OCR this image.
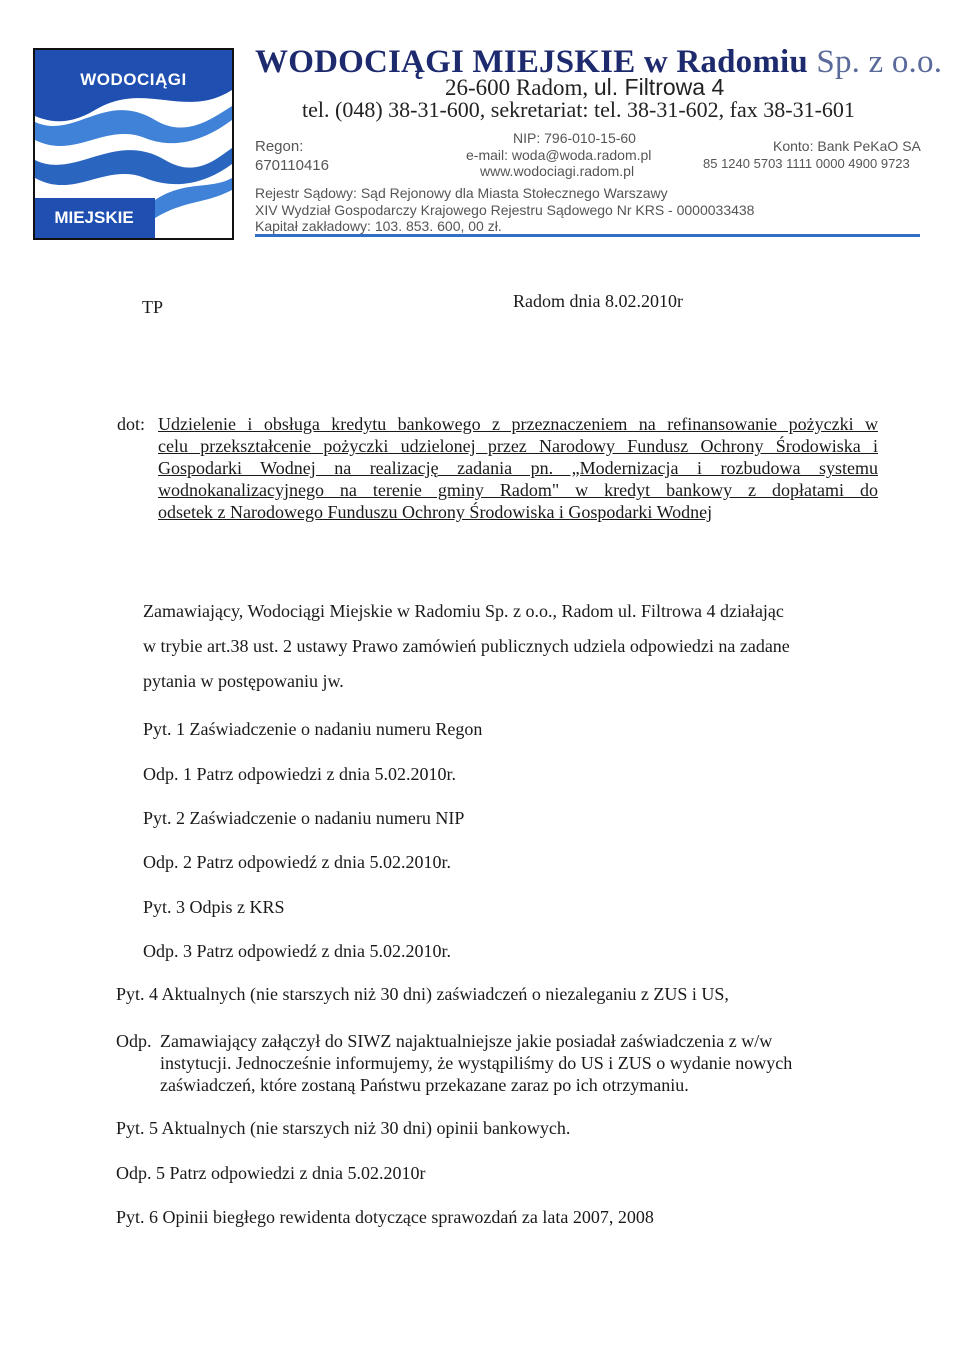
WODOCIĄGI
MIEJSKIE
WODOCIĄGI MIEJSKIE w Radomiu Sp. z o.o.
26-600 Radom, ul. Filtrowa 4
tel. (048) 38-31-600, sekretariat: tel. 38-31-602, fax 38-31-601
Regon:
670110416
NIP: 796-010-15-60
e-mail: woda@woda.radom.pl
www.wodociagi.radom.pl
Konto: Bank PeKaO SA
85 1240 5703 1111 0000 4900 9723
Rejestr Sądowy: Sąd Rejonowy dla Miasta Stołecznego Warszawy
XIV Wydział Gospodarczy Krajowego Rejestru Sądowego Nr KRS - 0000033438
Kapitał zakładowy: 103. 853. 600, 00 zł.
TP	Radom dnia 8.02.2010r
dot: Udzielenie i obsługa kredytu bankowego z przeznaczeniem na refinansowanie pożyczki w
celu przekształcenie pożyczki udzielonej przez Narodowy Fundusz Ochrony Środowiska i
Gospodarki Wodnej na realizację zadania pn. „Modernizacja i rozbudowa systemu
wodnokanalizacyjnego na terenie gminy Radom" w kredyt bankowy z dopłatami do
odsetek z Narodowego Funduszu Ochrony Środowiska i Gospodarki Wodnej
Zamawiający, Wodociągi Miejskie w Radomiu Sp. z o.o., Radom ul. Filtrowa 4 działając
w trybie art.38 ust. 2 ustawy Prawo zamówień publicznych udziela odpowiedzi na zadane
pytania w postępowaniu jw.
Pyt. 1 Zaświadczenie o nadaniu numeru Regon
Odp. 1 Patrz odpowiedzi z dnia 5.02.2010r.
Pyt. 2 Zaświadczenie o nadaniu numeru NIP
Odp. 2 Patrz odpowiedź z dnia 5.02.2010r.
Pyt. 3 Odpis z KRS
Odp. 3 Patrz odpowiedź z dnia 5.02.2010r.
Pyt. 4 Aktualnych (nie starszych niż 30 dni) zaświadczeń o niezaleganiu z ZUS i US,
Odp. Zamawiający załączył do SIWZ najaktualniejsze jakie posiadał zaświadczenia z w/w
instytucji. Jednocześnie informujemy, że wystąpiliśmy do US i ZUS o wydanie nowych
zaświadczeń, które zostaną Państwu przekazane zaraz po ich otrzymaniu.
Pyt. 5 Aktualnych (nie starszych niż 30 dni) opinii bankowych.
Odp. 5 Patrz odpowiedzi z dnia 5.02.2010r
Pyt. 6 Opinii biegłego rewidenta dotyczące sprawozdań za lata 2007, 2008
